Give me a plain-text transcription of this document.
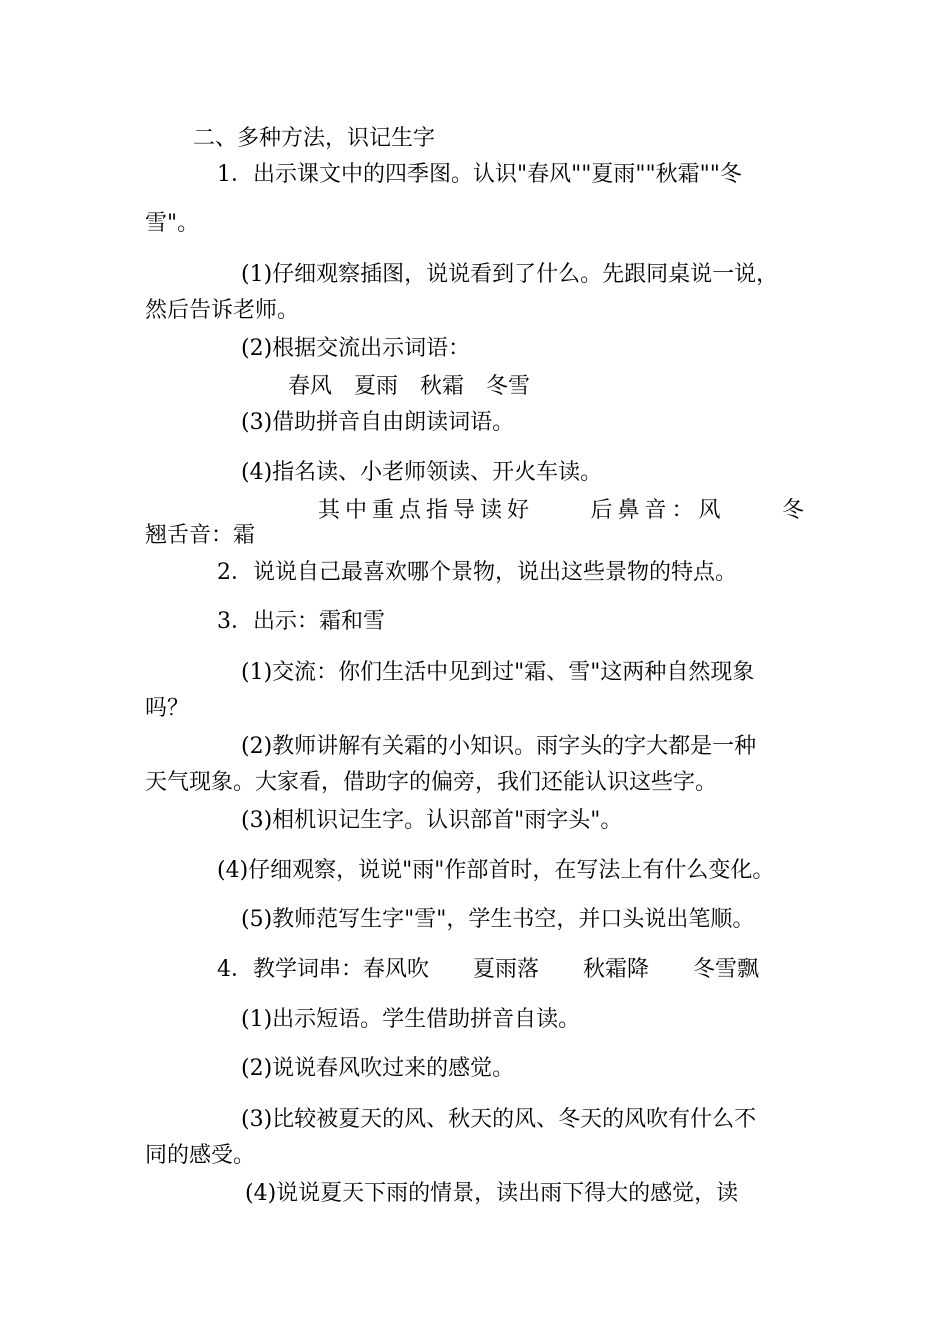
二、多种方法，识记生字
1．出示课文中的四季图。认识"春风""夏雨""秋霜""冬
雪"。
(1)仔细观察插图，说说看到了什么。先跟同桌说一说，
然后告诉老师。
(2)根据交流出示词语：
春风　夏雨　秋霜　冬雪
(3)借助拼音自由朗读词语。
(4)指名读、小老师领读、开火车读。
其中重点指导读好	后鼻音：风	冬
翘舌音：霜
2．说说自己最喜欢哪个景物，说出这些景物的特点。
3．出示：霜和雪
(1)交流：你们生活中见到过"霜、雪"这两种自然现象
吗？
(2)教师讲解有关霜的小知识。雨字头的字大都是一种
天气现象。大家看，借助字的偏旁，我们还能认识这些字。
(3)相机识记生字。认识部首"雨字头"。
(4)仔细观察，说说"雨"作部首时，在写法上有什么变化。
(5)教师范写生字"雪"，学生书空，并口头说出笔顺。
4．教学词串：春风吹　　夏雨落　　秋霜降　　冬雪飘
(1)出示短语。学生借助拼音自读。
(2)说说春风吹过来的感觉。
(3)比较被夏天的风、秋天的风、冬天的风吹有什么不
同的感受。
(4)说说夏天下雨的情景，读出雨下得大的感觉，读
